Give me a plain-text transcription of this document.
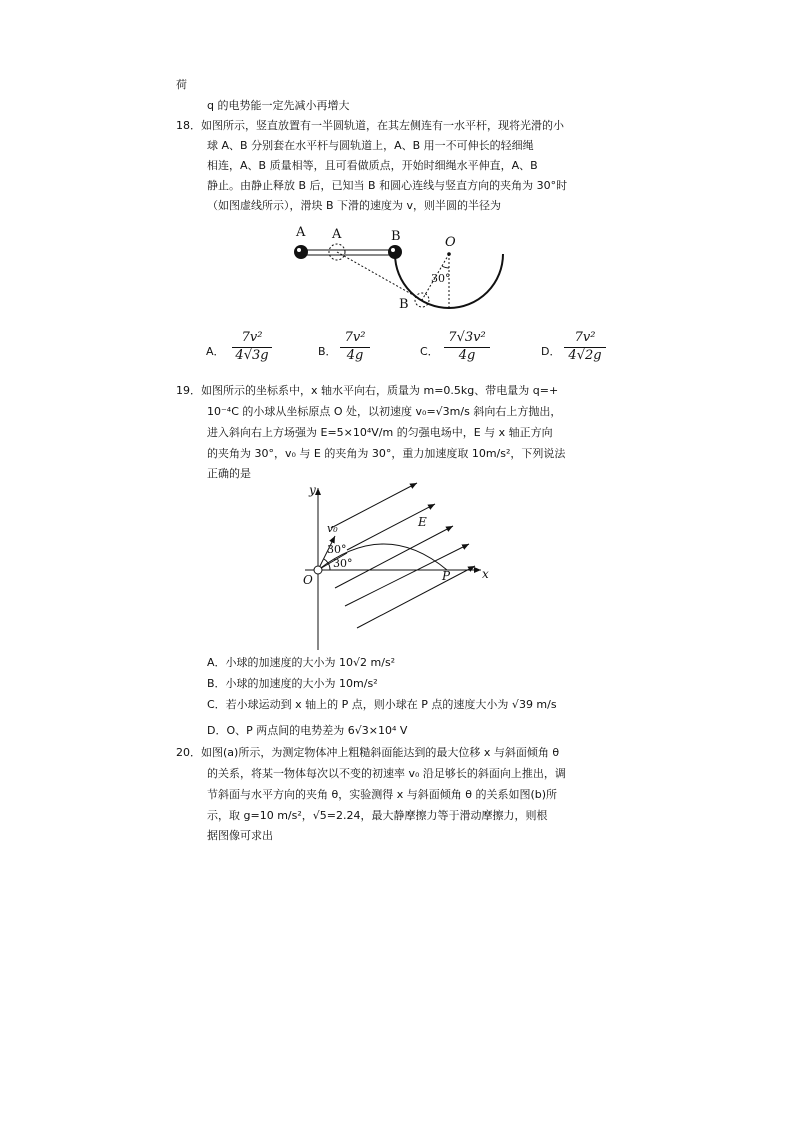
荷
q 的电势能一定先减小再增大
18．如图所示，竖直放置有一半圆轨道，在其左侧连有一水平杆，现将光滑的小
球 A、B 分别套在水平杆与圆轨道上，A、B 用一不可伸长的轻细绳
相连，A、B 质量相等，且可看做质点，开始时细绳水平伸直，A、B
静止。由静止释放 B 后，已知当 B 和圆心连线与竖直方向的夹角为 30°时
（如图虚线所示），滑块 B 下滑的速度为 v，则半圆的半径为
A A	B	O
30°
B
A． $\frac{\text{7v²}}{4√3g}$	B． $\frac{\text{7v²}}{4g}$	C． $\frac{\text{7√3v²}}{4g}$	D． $\frac{\text{7v²}}{4√2g}$
19．如图所示的坐标系中，x 轴水平向右，质量为 m=0.5kg、带电量为 q=+
10⁻⁴C 的小球从坐标原点 O 处，以初速度 v₀=√3m/s 斜向右上方抛出，
进入斜向右上方场强为 E=5×10⁴V/m 的匀强电场中，E 与 x 轴正方向
的夹角为 30°，v₀ 与 E 的夹角为 30°，重力加速度取 10m/s²，下列说法
正确的是
y
x
O	P
E
v₀
30°
30°
A．小球的加速度的大小为 10√2 m/s²
B．小球的加速度的大小为 10m/s²
C．若小球运动到 x 轴上的 P 点，则小球在 P 点的速度大小为 √39 m/s
D．O、P 两点间的电势差为 6√3×10⁴ V
20．如图(a)所示，为测定物体冲上粗糙斜面能达到的最大位移 x 与斜面倾角 θ
的关系，将某一物体每次以不变的初速率 v₀ 沿足够长的斜面向上推出，调
节斜面与水平方向的夹角 θ，实验测得 x 与斜面倾角 θ 的关系如图(b)所
示，取 g=10 m/s²，√5=2.24，最大静摩擦力等于滑动摩擦力，则根
据图像可求出
